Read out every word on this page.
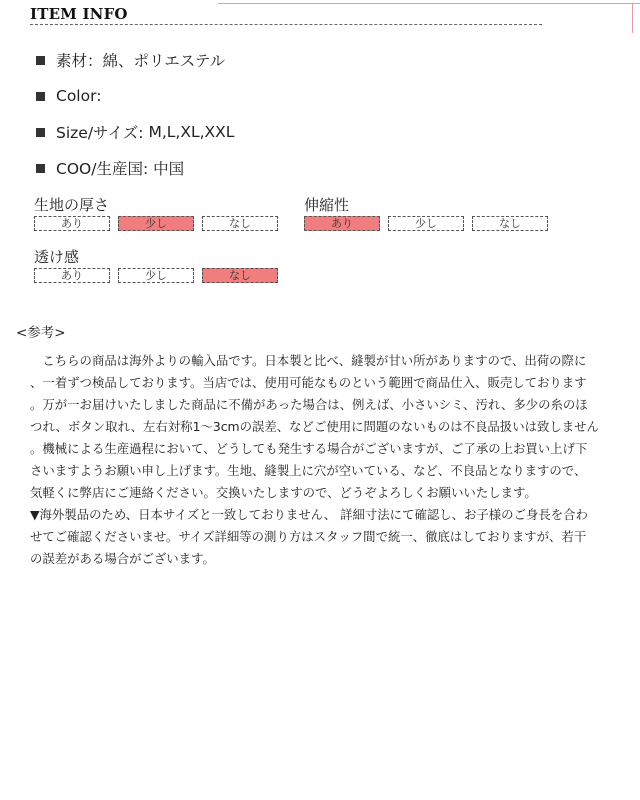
ITEM INFO
素材： 綿、ポリエステル
Color:
Size/サイズ: M,L,XL,XXL
COO/生産国: 中国
生地の厚さ
あり	少し	なし
伸縮性
あり	少し	なし
透け感
あり	少し	なし
<参考>
　こちらの商品は海外よりの輸入品です。日本製と比べ、縫製が甘い所がありますので、出荷の際に
、一着ずつ検品しております。当店では、使用可能なものという範囲で商品仕入、販売しております
。万が一お届けいたしました商品に不備があった場合は、例えば、小さいシミ、汚れ、多少の糸のほ
つれ、ボタン取れ、左右対称1～3cmの誤差、などご使用に問題のないものは不良品扱いは致しません
。機械による生産過程において、どうしても発生する場合がございますが、ご了承の上お買い上げ下
さいますようお願い申し上げます。生地、縫製上に穴が空いている、など、不良品となりますので、
気軽くに弊店にご連絡ください。交換いたしますので、どうぞよろしくお願いいたします。
▼海外製品のため、日本サイズと一致しておりません、 詳細寸法にて確認し、お子様のご身長を合わ
せてご確認くださいませ。サイズ詳細等の測り方はスタッフ間で統一、徹底はしておりますが、若干
の誤差がある場合がございます。
